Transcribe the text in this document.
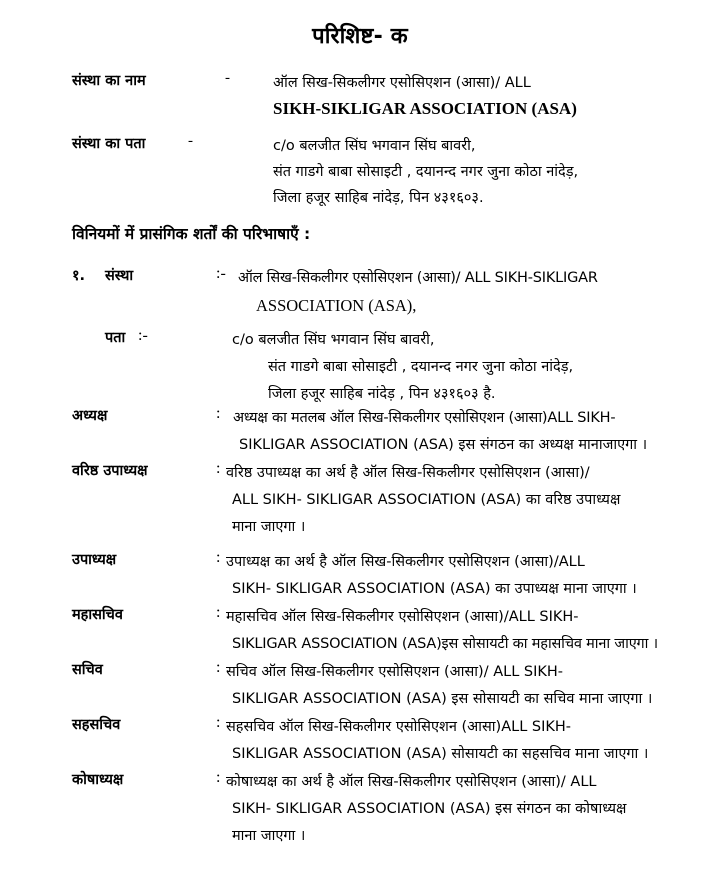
परिशिष्ट- क
संस्था का नाम	-	ऑल सिख-सिकलीगर एसोसिएशन (आसा)/ ALL
SIKH-SIKLIGAR ASSOCIATION (ASA)
संस्था का पता	-	c/o बलजीत सिंघ भगवान सिंघ बावरी,
संत गाडगे बाबा सोसाइटी , दयानन्द नगर जुना कोठा नांदेड़,
जिला हजूर साहिब नांदेड़, पिन ४३१६०३.
विनियमों में प्रासंगिक शर्तों की परिभाषाएँ :
१. संस्था	:- ऑल सिख-सिकलीगर एसोसिएशन (आसा)/ ALL SIKH-SIKLIGAR
ASSOCIATION (ASA),
पता :-	c/o बलजीत सिंघ भगवान सिंघ बावरी,
संत गाडगे बाबा सोसाइटी , दयानन्द नगर जुना कोठा नांदेड़,
जिला हजूर साहिब नांदेड़ , पिन ४३१६०३ है.
अध्यक्ष	: अध्यक्ष का मतलब ऑल सिख-सिकलीगर एसोसिएशन (आसा)ALL SIKH-
SIKLIGAR ASSOCIATION (ASA) इस संगठन का अध्यक्ष मानाजाएगा ।
वरिष्ठ उपाध्यक्ष	: वरिष्ठ उपाध्यक्ष का अर्थ है ऑल सिख-सिकलीगर एसोसिएशन (आसा)/
ALL SIKH- SIKLIGAR ASSOCIATION (ASA) का वरिष्ठ उपाध्यक्ष
माना जाएगा ।
उपाध्यक्ष	: उपाध्यक्ष का अर्थ है ऑल सिख-सिकलीगर एसोसिएशन (आसा)/ALL
SIKH- SIKLIGAR ASSOCIATION (ASA) का उपाध्यक्ष माना जाएगा ।
महासचिव	: महासचिव ऑल सिख-सिकलीगर एसोसिएशन (आसा)/ALL SIKH-
SIKLIGAR ASSOCIATION (ASA)इस सोसायटी का महासचिव माना जाएगा ।
सचिव	: सचिव ऑल सिख-सिकलीगर एसोसिएशन (आसा)/ ALL SIKH-
SIKLIGAR ASSOCIATION (ASA) इस सोसायटी का सचिव माना जाएगा ।
सहसचिव	: सहसचिव ऑल सिख-सिकलीगर एसोसिएशन (आसा)ALL SIKH-
SIKLIGAR ASSOCIATION (ASA) सोसायटी का सहसचिव माना जाएगा ।
कोषाध्यक्ष	: कोषाध्यक्ष का अर्थ है ऑल सिख-सिकलीगर एसोसिएशन (आसा)/ ALL
SIKH- SIKLIGAR ASSOCIATION (ASA) इस संगठन का कोषाध्यक्ष
माना जाएगा ।
